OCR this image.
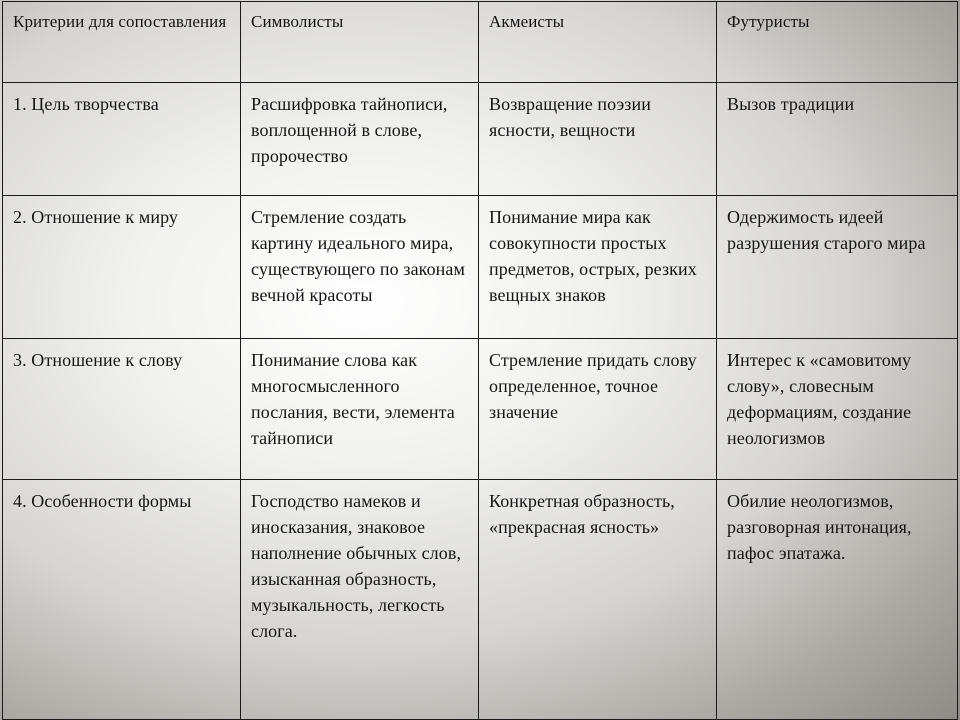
Критерии для сопоставления	Символисты	Акмеисты	Футуристы
1. Цель творчества	Расшифровка тайнописи, воплощенной в слове, пророчество	Возвращение поэзии ясности, вещности	Вызов традиции
2. Отношение к миру	Стремление создать картину идеального мира, существующего по законам вечной красоты	Понимание мира как совокупности простых предметов, острых, резких вещных знаков	Одержимость идеей разрушения старого мира
3. Отношение к слову	Понимание слова как многосмысленного послания, вести, элемента тайнописи	Стремление придать слову определенное, точное значение	Интерес к «самовитому слову», словесным деформациям, создание неологизмов
4. Особенности формы	Господство намеков и иносказания, знаковое наполнение обычных слов, изысканная образность, музыкальность, легкость слога.	Конкретная образность, «прекрасная ясность»	Обилие неологизмов, разговорная интонация, пафос эпатажа.
